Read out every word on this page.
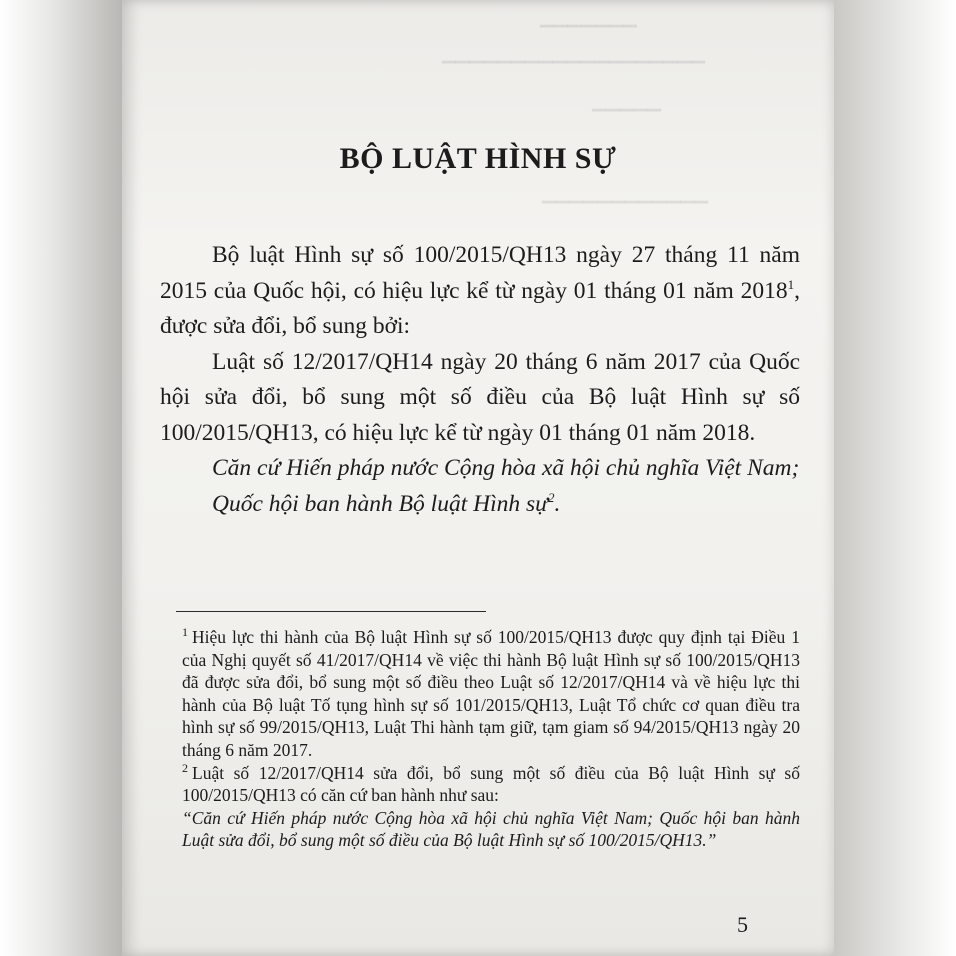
▁▁▁▁▁▁▁
▁▁▁▁▁▁▁▁▁▁▁▁▁▁▁▁▁▁▁
▁▁▁▁▁
▁▁▁▁▁▁▁▁▁▁▁▁
BỘ LUẬT HÌNH SỰ

Bộ luật Hình sự số 100/2015/QH13 ngày 27 tháng 11 năm 2015 của Quốc hội, có hiệu lực kể từ ngày 01 tháng 01 năm 2018$^1$, được sửa đổi, bổ sung bởi:

Luật số 12/2017/QH14 ngày 20 tháng 6 năm 2017 của Quốc hội sửa đổi, bổ sung một số điều của Bộ luật Hình sự số 100/2015/QH13, có hiệu lực kể từ ngày 01 tháng 01 năm 2018.

Căn cứ Hiến pháp nước Cộng hòa xã hội chủ nghĩa Việt Nam;

Quốc hội ban hành Bộ luật Hình sự$^2$.

$^1$ Hiệu lực thi hành của Bộ luật Hình sự số 100/2015/QH13 được quy định tại Điều 1 của Nghị quyết số 41/2017/QH14 về việc thi hành Bộ luật Hình sự số 100/2015/QH13 đã được sửa đổi, bổ sung một số điều theo Luật số 12/2017/QH14 và về hiệu lực thi hành của Bộ luật Tố tụng hình sự số 101/2015/QH13, Luật Tổ chức cơ quan điều tra hình sự số 99/2015/QH13, Luật Thi hành tạm giữ, tạm giam số 94/2015/QH13 ngày 20 tháng 6 năm 2017.

$^2$ Luật số 12/2017/QH14 sửa đổi, bổ sung một số điều của Bộ luật Hình sự số 100/2015/QH13 có căn cứ ban hành như sau:

“Căn cứ Hiến pháp nước Cộng hòa xã hội chủ nghĩa Việt Nam; Quốc hội ban hành Luật sửa đổi, bổ sung một số điều của Bộ luật Hình sự số 100/2015/QH13.”

5
